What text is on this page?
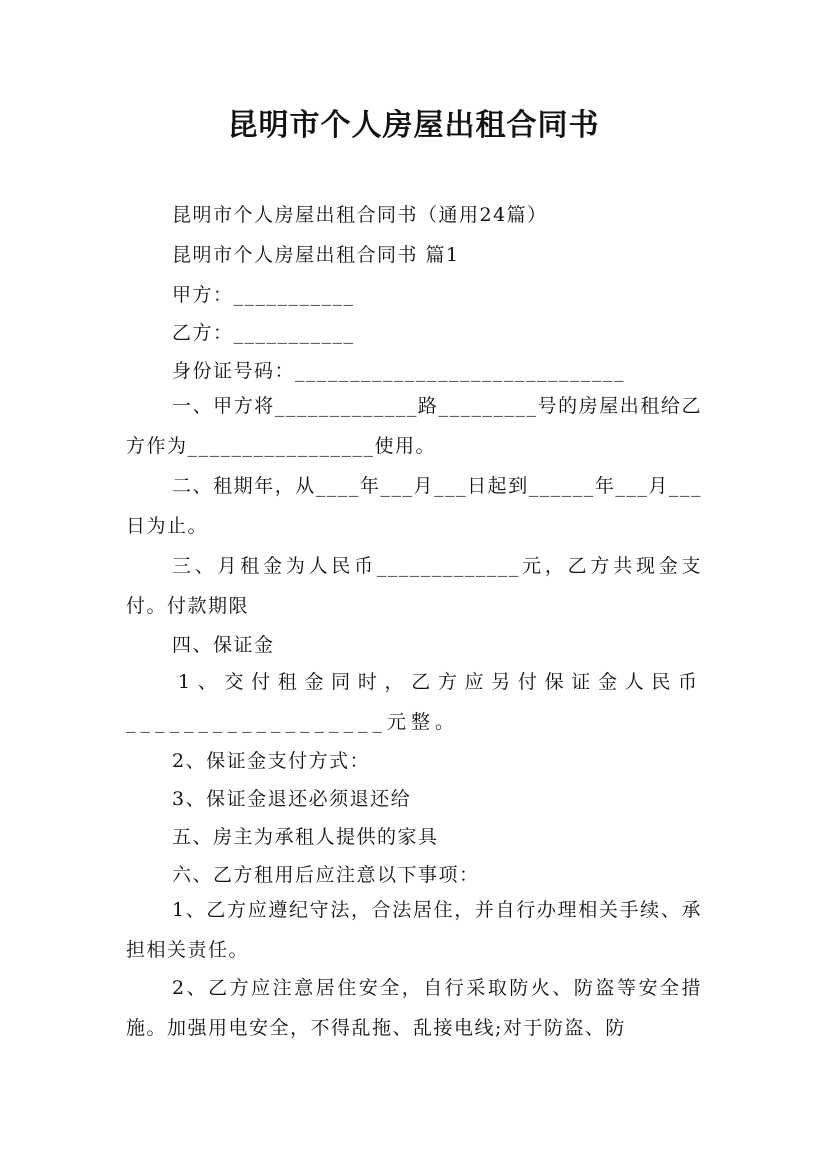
昆明市个人房屋出租合同书
昆明市个人房屋出租合同书（通用24篇）
昆明市个人房屋出租合同书 篇1
甲方：___________
乙方：___________
身份证号码：______________________________
一、甲方将_____________路_________号的房屋出租给乙方作为_________________使用。
二、租期年，从____年___月___日起到______年___月___日为止。
三、月租金为人民币_____________元，乙方共现金支付。付款期限
四、保证金
1、交付租金同时，乙方应另付保证金人民币__________________元整。
2、保证金支付方式：
3、保证金退还必须退还给
五、房主为承租人提供的家具
六、乙方租用后应注意以下事项：
1、乙方应遵纪守法，合法居住，并自行办理相关手续、承担相关责任。
2、乙方应注意居住安全，自行采取防火、防盗等安全措施。加强用电安全，不得乱拖、乱接电线;对于防盗、防
